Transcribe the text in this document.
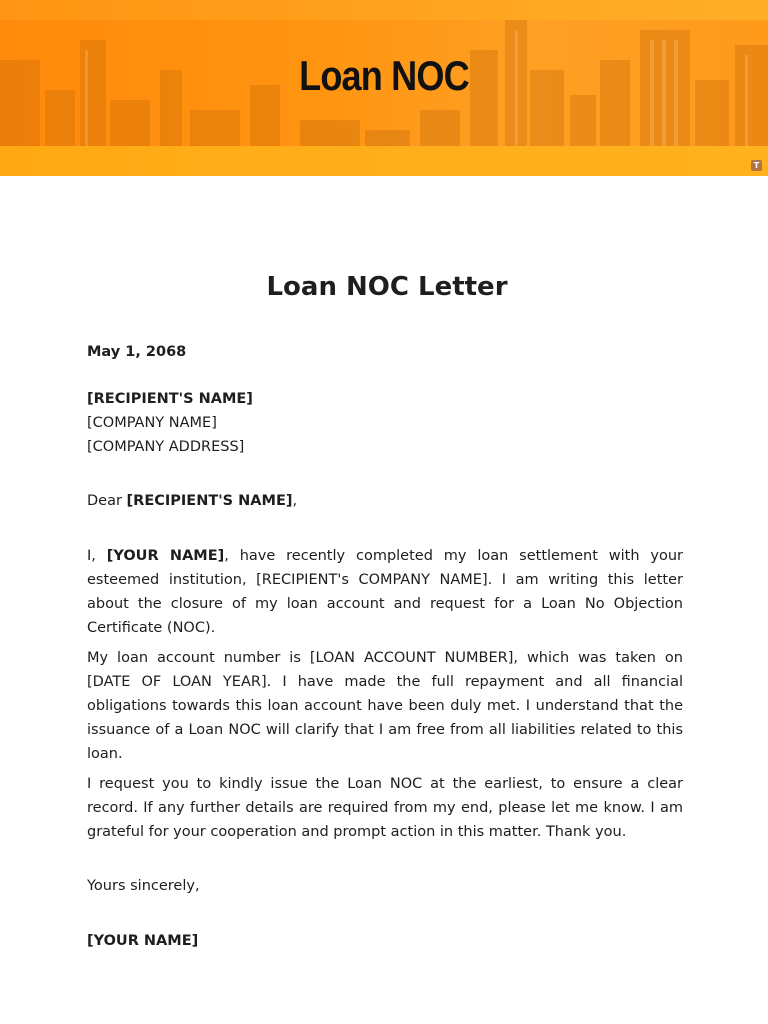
Loan NOC
T
Loan NOC Letter

May 1, 2068

[RECIPIENT'S NAME]

[COMPANY NAME]

[COMPANY ADDRESS]

Dear [RECIPIENT'S NAME],

I, [YOUR NAME], have recently completed my loan settlement with your esteemed institution, [RECIPIENT's COMPANY NAME]. I am writing this letter about the closure of my loan account and request for a Loan No Objection Certificate (NOC).

My loan account number is [LOAN ACCOUNT NUMBER], which was taken on [DATE OF LOAN YEAR]. I have made the full repayment and all financial obligations towards this loan account have been duly met. I understand that the issuance of a Loan NOC will clarify that I am free from all liabilities related to this loan.

I request you to kindly issue the Loan NOC at the earliest, to ensure a clear record. If any further details are required from my end, please let me know. I am grateful for your cooperation and prompt action in this matter. Thank you.

Yours sincerely,

[YOUR NAME]
